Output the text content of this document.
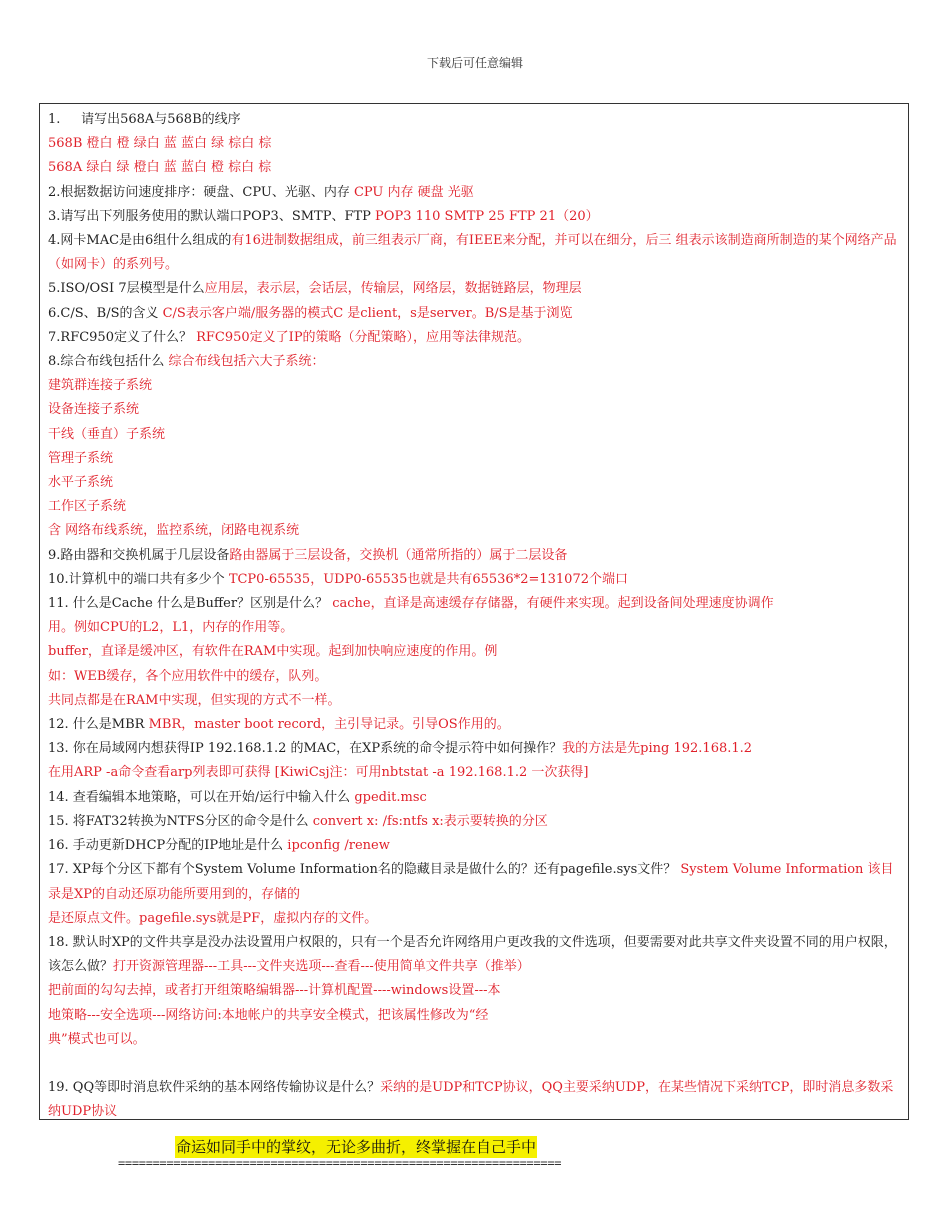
下载后可任意编辑
1.     请写出568A与568B的线序
568B 橙白 橙 绿白 蓝 蓝白 绿 棕白 棕
568A 绿白 绿 橙白 蓝 蓝白 橙 棕白 棕
2.根据数据访问速度排序：硬盘、CPU、光驱、内存 CPU 内存 硬盘 光驱
3.请写出下列服务使用的默认端口POP3、SMTP、FTP POP3 110 SMTP 25 FTP 21（20）
4.网卡MAC是由6组什么组成的有16进制数据组成，前三组表示厂商，有IEEE来分配，并可以在细分，后三 组表示该制造商所制造的某个网络产品（如网卡）的系列号。
5.ISO/OSI 7层模型是什么应用层，表示层，会话层，传输层，网络层，数据链路层，物理层
6.C/S、B/S的含义 C/S表示客户端/服务器的模式C 是client，s是server。B/S是基于浏览
7.RFC950定义了什么？ RFC950定义了IP的策略（分配策略），应用等法律规范。
8.综合布线包括什么 综合布线包括六大子系统：
建筑群连接子系统
设备连接子系统
干线（垂直）子系统
管理子系统
水平子系统
工作区子系统
含 网络布线系统，监控系统，闭路电视系统
9.路由器和交换机属于几层设备路由器属于三层设备，交换机（通常所指的）属于二层设备
10.计算机中的端口共有多少个 TCP0-65535，UDP0-65535也就是共有65536*2=131072个端口
11. 什么是Cache 什么是Buffer？区别是什么？ cache，直译是高速缓存存储器，有硬件来实现。起到设备间处理速度协调作
用。例如CPU的L2，L1，内存的作用等。
buffer，直译是缓冲区，有软件在RAM中实现。起到加快响应速度的作用。例
如：WEB缓存，各个应用软件中的缓存，队列。
共同点都是在RAM中实现，但实现的方式不一样。
12. 什么是MBR MBR，master boot record，主引导记录。引导OS作用的。
13. 你在局域网内想获得IP 192.168.1.2 的MAC，在XP系统的命令提示符中如何操作？我的方法是先ping 192.168.1.2
在用ARP -a命令查看arp列表即可获得 [KiwiCsj注：可用nbtstat -a 192.168.1.2 一次获得]
14. 查看编辑本地策略，可以在开始/运行中输入什么 gpedit.msc
15. 将FAT32转换为NTFS分区的命令是什么 convert x: /fs:ntfs x:表示要转换的分区
16. 手动更新DHCP分配的IP地址是什么 ipconfig /renew
17. XP每个分区下都有个System Volume Information名的隐藏目录是做什么的？还有pagefile.sys文件？ System Volume Information 该目录是XP的自动还原功能所要用到的，存储的
是还原点文件。pagefile.sys就是PF，虚拟内存的文件。
18. 默认时XP的文件共享是没办法设置用户权限的，只有一个是否允许网络用户更改我的文件选项，但要需要对此共享文件夹设置不同的用户权限，该怎么做？打开资源管理器---工具---文件夹选项---查看---使用简单文件共享（推举）
把前面的勾勾去掉，或者打开组策略编辑器---计算机配置----windows设置---本
地策略---安全选项---网络访问:本地帐户的共享安全模式，把该属性修改为“经
典”模式也可以。
19. QQ等即时消息软件采纳的基本网络传输协议是什么？采纳的是UDP和TCP协议，QQ主要采纳UDP，在某些情况下采纳TCP，即时消息多数采纳UDP协议
命运如同手中的掌纹，无论多曲折，终掌握在自己手中
================================================================
